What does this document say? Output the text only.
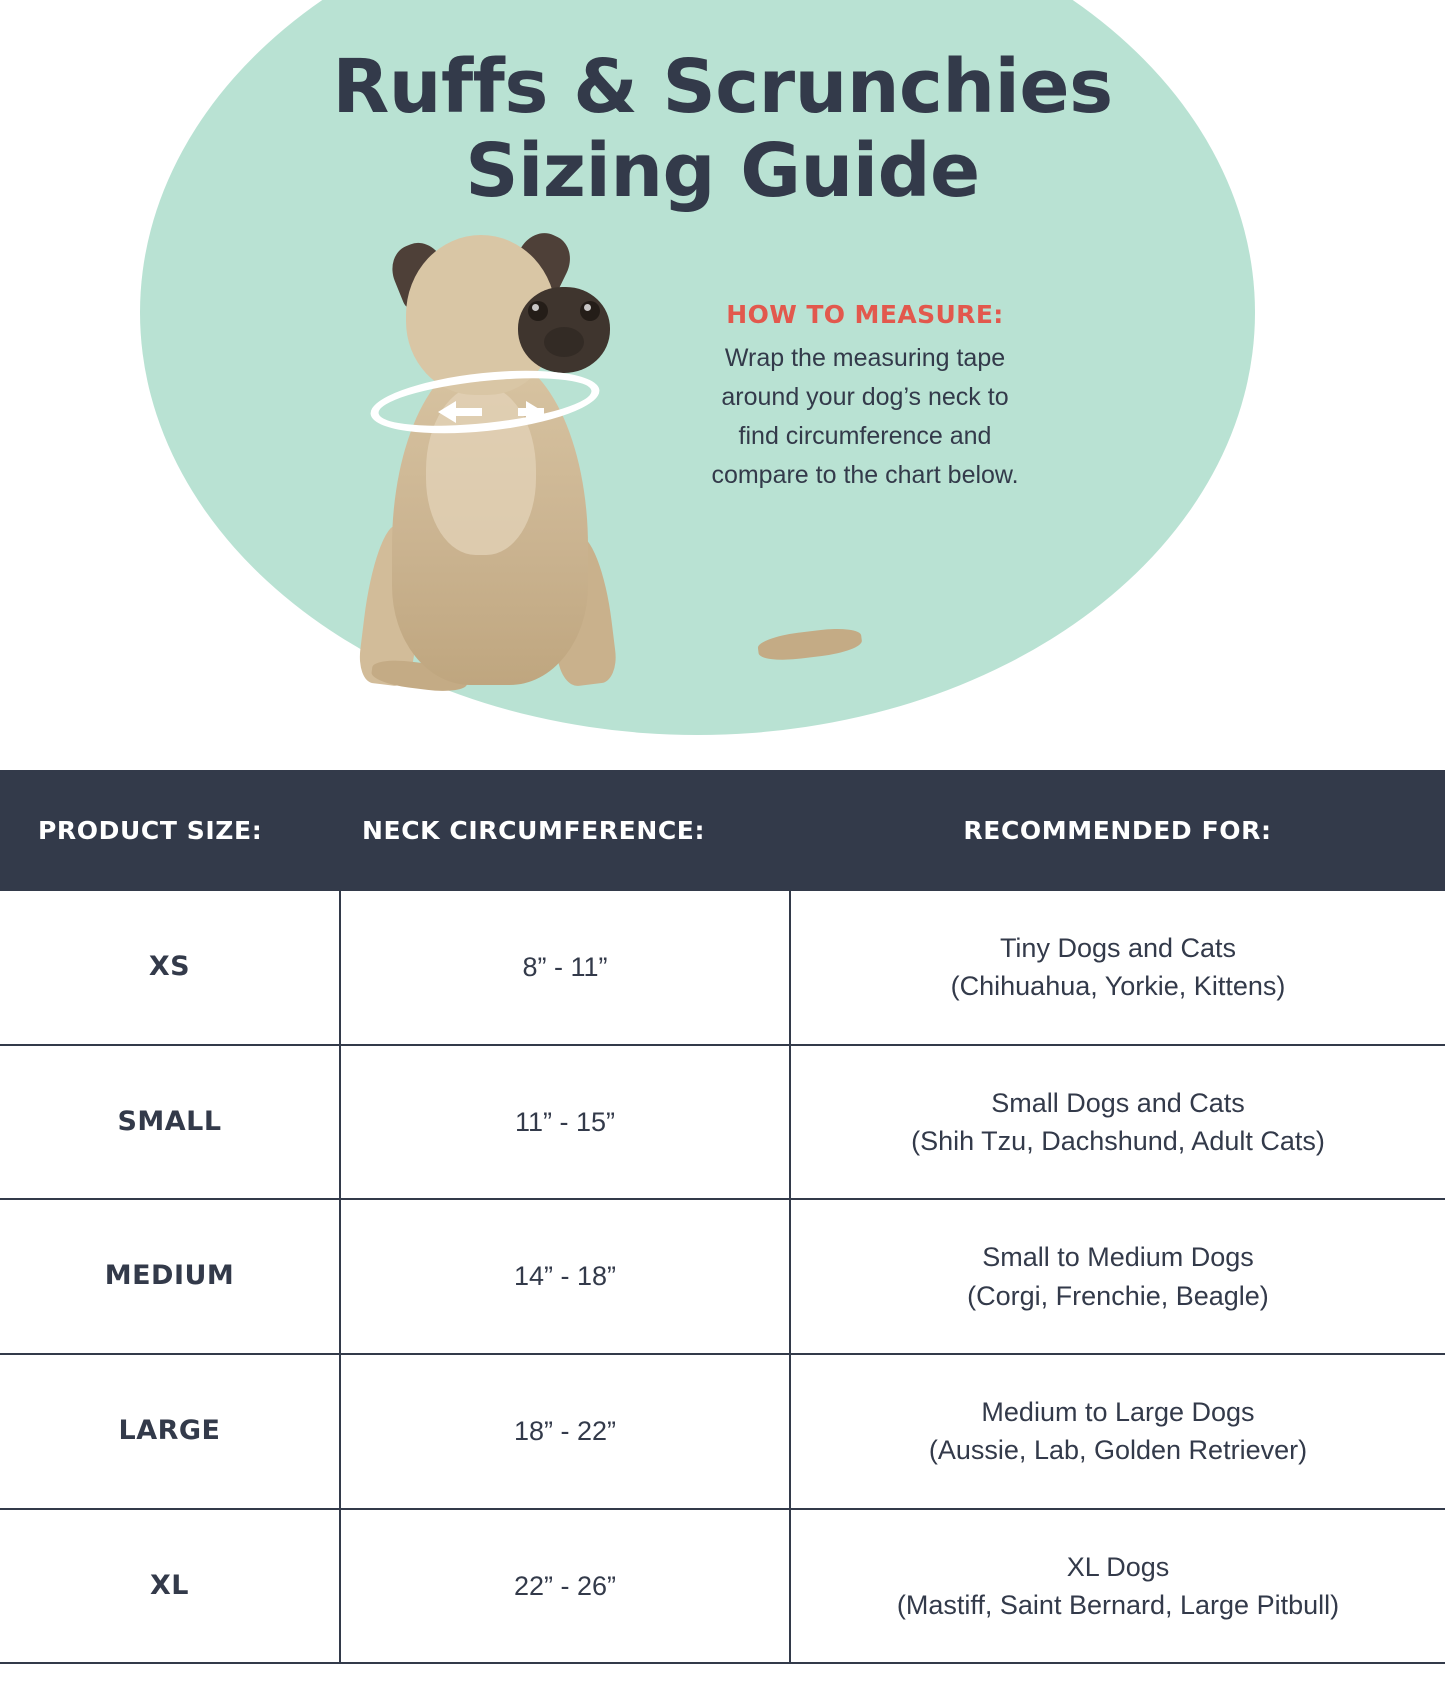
Ruffs & Scrunchies
Sizing Guide
HOW TO MEASURE:
Wrap the measuring tape around your dog’s neck to find circumference and compare to the chart below.
PRODUCT SIZE:	NECK CIRCUMFERENCE:	RECOMMENDED FOR:
XS	8” - 11”	Tiny Dogs and Cats
(Chihuahua, Yorkie, Kittens)

SMALL	11” - 15”	Small Dogs and Cats
(Shih Tzu, Dachshund, Adult Cats)

MEDIUM	14” - 18”	Small to Medium Dogs
(Corgi, Frenchie, Beagle)

LARGE	18” - 22”	Medium to Large Dogs
(Aussie, Lab, Golden Retriever)

XL	22” - 26”	XL Dogs
(Mastiff, Saint Bernard, Large Pitbull)
